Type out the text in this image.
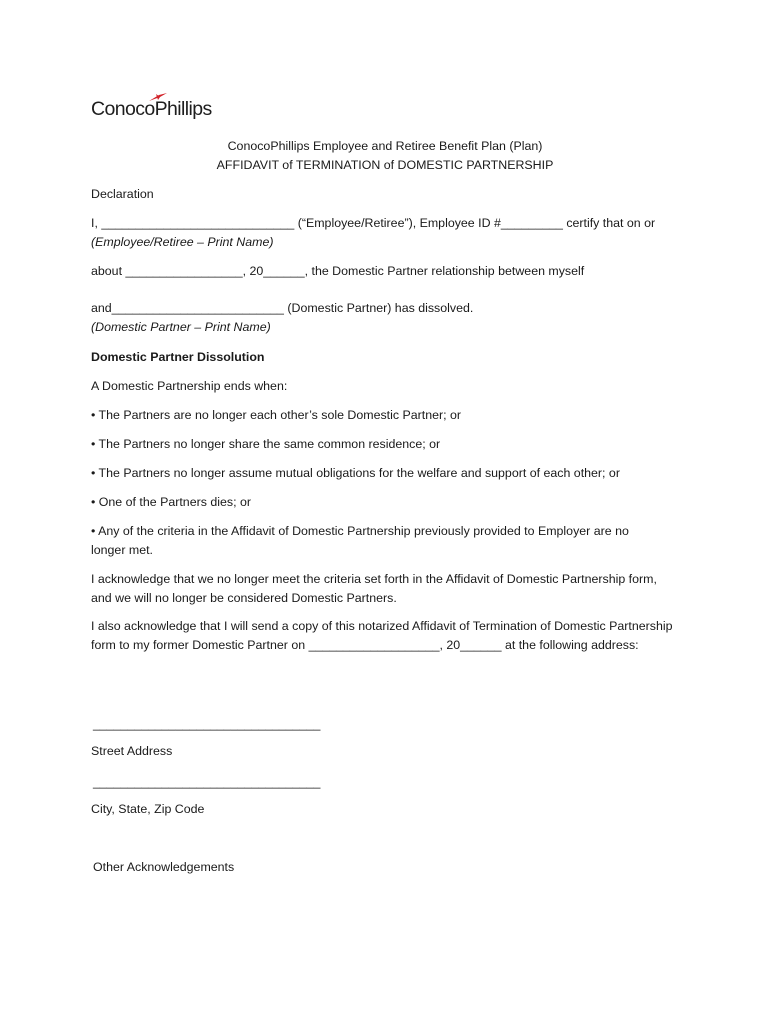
ConocoPhillips
ConocoPhillips Employee and Retiree Benefit Plan (Plan)
AFFIDAVIT of TERMINATION of DOMESTIC PARTNERSHIP
Declaration
I, ____________________________ (“Employee/Retiree”), Employee ID #_________ certify that on or
(Employee/Retiree – Print Name)
about _________________, 20______, the Domestic Partner relationship between myself
and_________________________ (Domestic Partner) has dissolved.
(Domestic Partner – Print Name)
Domestic Partner Dissolution
A Domestic Partnership ends when:
• The Partners are no longer each other’s sole Domestic Partner; or
• The Partners no longer share the same common residence; or
• The Partners no longer assume mutual obligations for the welfare and support of each other; or
• One of the Partners dies; or
• Any of the criteria in the Affidavit of Domestic Partnership previously provided to Employer are no longer met.
I acknowledge that we no longer meet the criteria set forth in the Affidavit of Domestic Partnership form, and we will no longer be considered Domestic Partners.
I also acknowledge that I will send a copy of this notarized Affidavit of Termination of Domestic Partnership form to my former Domestic Partner on ___________________, 20______ at the following address:
_________________________________
Street Address
_________________________________
City, State, Zip Code
Other Acknowledgements
